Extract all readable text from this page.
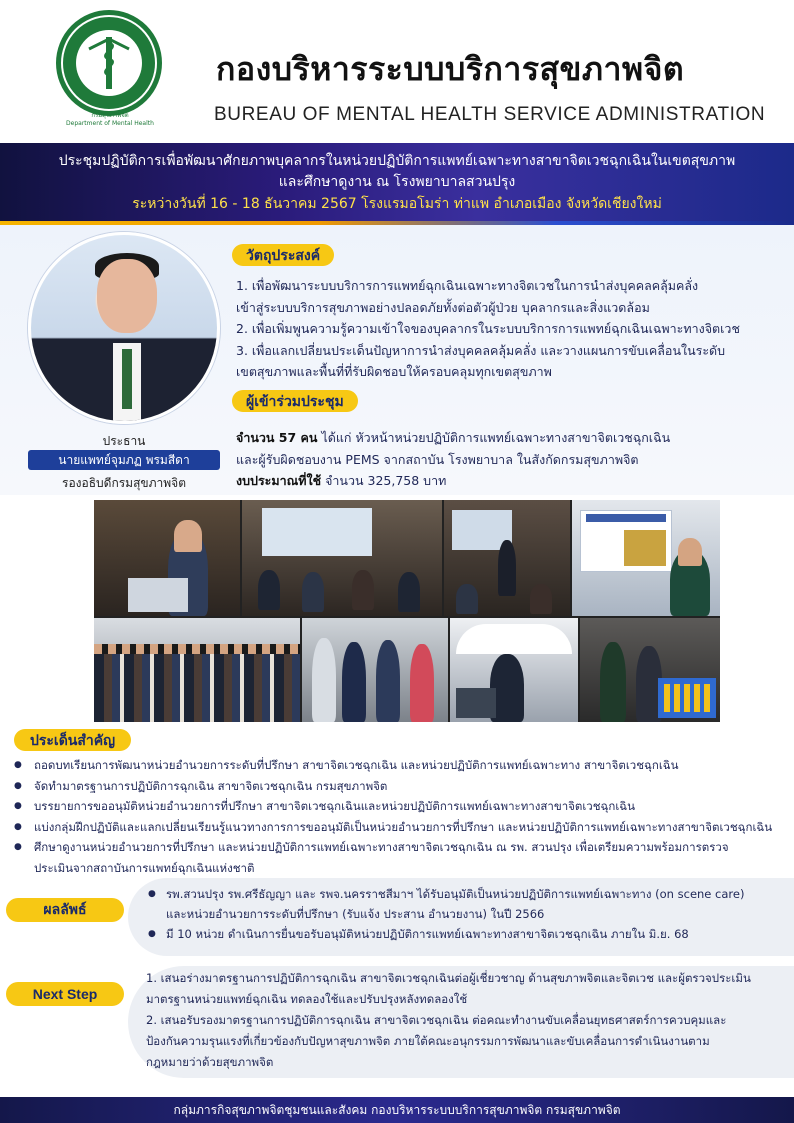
กรมสุขภาพจิต
Department of Mental Health
กองบริหารระบบบริการสุขภาพจิต
BUREAU OF MENTAL HEALTH SERVICE ADMINISTRATION
ประชุมปฏิบัติการเพื่อพัฒนาศักยภาพบุคลากรในหน่วยปฏิบัติการแพทย์เฉพาะทางสาขาจิตเวชฉุกเฉินในเขตสุขภาพ
และศึกษาดูงาน ณ โรงพยาบาลสวนปรุง
ระหว่างวันที่ 16 - 18 ธันวาคม 2567 โรงแรมอโมร่า ท่าแพ อำเภอเมือง จังหวัดเชียงใหม่
ประธาน
นายแพทย์จุมภฏ พรมสีดา
รองอธิบดีกรมสุขภาพจิต
วัตถุประสงค์
1. เพื่อพัฒนาระบบบริการการแพทย์ฉุกเฉินเฉพาะทางจิตเวชในการนำส่งบุคคลคลุ้มคลั่ง
เข้าสู่ระบบบริการสุขภาพอย่างปลอดภัยทั้งต่อตัวผู้ป่วย บุคลากรและสิ่งแวดล้อม
2. เพื่อเพิ่มพูนความรู้ความเข้าใจของบุคลากรในระบบบริการการแพทย์ฉุกเฉินเฉพาะทางจิตเวช
3. เพื่อแลกเปลี่ยนประเด็นปัญหาการนำส่งบุคคลคลุ้มคลั่ง และวางแผนการขับเคลื่อนในระดับ
เขตสุขภาพและพื้นที่ที่รับผิดชอบให้ครอบคลุมทุกเขตสุขภาพ
ผู้เข้าร่วมประชุม
จำนวน 57 คน ได้แก่ หัวหน้าหน่วยปฏิบัติการแพทย์เฉพาะทางสาขาจิตเวชฉุกเฉิน
และผู้รับผิดชอบงาน PEMS จากสถาบัน โรงพยาบาล ในสังกัดกรมสุขภาพจิต
งบประมาณที่ใช้ จำนวน 325,758 บาท
ประเด็นสำคัญ
● ถอดบทเรียนการพัฒนาหน่วยอำนวยการระดับที่ปรึกษา สาขาจิตเวชฉุกเฉิน และหน่วยปฏิบัติการแพทย์เฉพาะทาง สาขาจิตเวชฉุกเฉิน
● จัดทำมาตรฐานการปฏิบัติการฉุกเฉิน สาขาจิตเวชฉุกเฉิน กรมสุขภาพจิต
● บรรยายการขออนุมัติหน่วยอำนวยการที่ปรึกษา สาขาจิตเวชฉุกเฉินและหน่วยปฏิบัติการแพทย์เฉพาะทางสาขาจิตเวชฉุกเฉิน
● แบ่งกลุ่มฝึกปฏิบัติและแลกเปลี่ยนเรียนรู้แนวทางการการขออนุมัติเป็นหน่วยอำนวยการที่ปรึกษา และหน่วยปฏิบัติการแพทย์เฉพาะทางสาขาจิตเวชฉุกเฉิน
● ศึกษาดูงานหน่วยอำนวยการที่ปรึกษา และหน่วยปฏิบัติการแพทย์เฉพาะทางสาขาจิตเวชฉุกเฉิน ณ รพ. สวนปรุง เพื่อเตรียมความพร้อมการตรวจ
ประเมินจากสถาบันการแพทย์ฉุกเฉินแห่งชาติ
ผลลัพธ์
● รพ.สวนปรุง รพ.ศรีธัญญา และ รพจ.นครราชสีมาฯ ได้รับอนุมัติเป็นหน่วยปฏิบัติการแพทย์เฉพาะทาง (on scene care)
และหน่วยอำนวยการระดับที่ปรึกษา (รับแจ้ง ประสาน อำนวยงาน) ในปี 2566
● มี 10 หน่วย ดำเนินการยื่นขอรับอนุมัติหน่วยปฏิบัติการแพทย์เฉพาะทางสาขาจิตเวชฉุกเฉิน ภายใน มิ.ย. 68
Next Step
1. เสนอร่างมาตรฐานการปฏิบัติการฉุกเฉิน สาขาจิตเวชฉุกเฉินต่อผู้เชี่ยวชาญ ด้านสุขภาพจิตและจิตเวช และผู้ตรวจประเมิน
มาตรฐานหน่วยแพทย์ฉุกเฉิน ทดลองใช้และปรับปรุงหลังทดลองใช้
2. เสนอรับรองมาตรฐานการปฏิบัติการฉุกเฉิน สาขาจิตเวชฉุกเฉิน ต่อคณะทำงานขับเคลื่อนยุทธศาสตร์การควบคุมและ
ป้องกันความรุนแรงที่เกี่ยวข้องกับปัญหาสุขภาพจิต ภายใต้คณะอนุกรรมการพัฒนาและขับเคลื่อนการดำเนินงานตาม
กฎหมายว่าด้วยสุขภาพจิต
กลุ่มภารกิจสุขภาพจิตชุมชนและสังคม กองบริหารระบบบริการสุขภาพจิต กรมสุขภาพจิต
